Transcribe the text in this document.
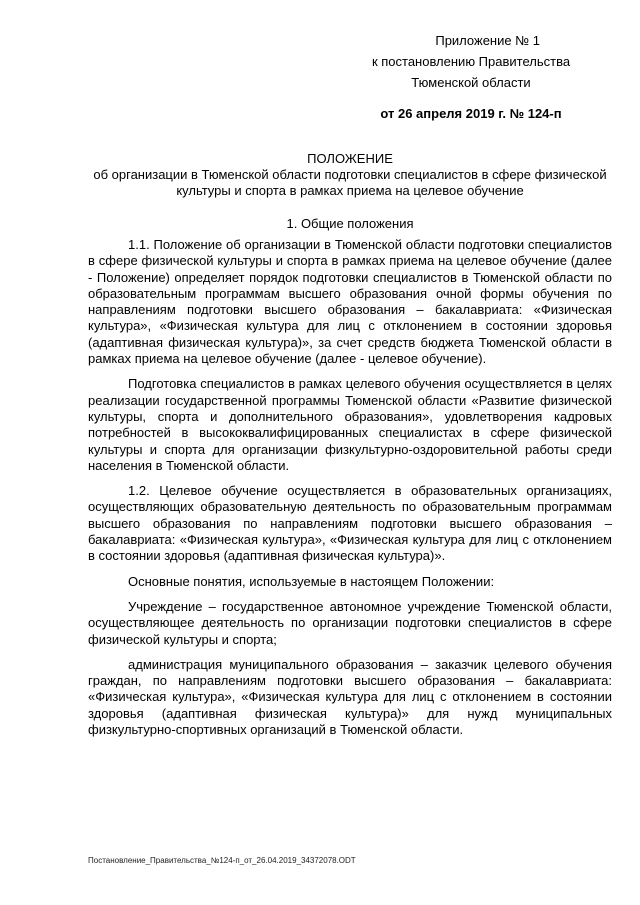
Приложение № 1
к постановлению Правительства
Тюменской области
от 26 апреля 2019 г. № 124-п
ПОЛОЖЕНИЕ
об организации в Тюменской области подготовки специалистов в сфере физической культуры и спорта в рамках приема на целевое обучение
1. Общие положения

1.1. Положение об организации в Тюменской области подготовки специалистов в сфере физической культуры и спорта в рамках приема на целевое обучение (далее - Положение) определяет порядок подготовки специалистов в Тюменской области по образовательным программам высшего образования очной формы обучения по направлениям подготовки высшего образования – бакалавриата: «Физическая культура», «Физическая культура для лиц с отклонением в состоянии здоровья (адаптивная физическая культура)», за счет средств бюджета Тюменской области в рамках приема на целевое обучение (далее - целевое обучение).

Подготовка специалистов в рамках целевого обучения осуществляется в целях реализации государственной программы Тюменской области «Развитие физической культуры, спорта и дополнительного образования», удовлетворения кадровых потребностей в высококвалифицированных специалистах в сфере физической культуры и спорта для организации физкультурно-оздоровительной работы среди населения в Тюменской области.

1.2. Целевое обучение осуществляется в образовательных организациях, осуществляющих образовательную деятельность по образовательным программам высшего образования по направлениям подготовки высшего образования – бакалавриата: «Физическая культура», «Физическая культура для лиц с отклонением в состоянии здоровья (адаптивная физическая культура)».

Основные понятия, используемые в настоящем Положении:

Учреждение – государственное автономное учреждение Тюменской области, осуществляющее деятельность по организации подготовки специалистов в сфере физической культуры и спорта;

администрация муниципального образования – заказчик целевого обучения граждан, по направлениям подготовки высшего образования – бакалавриата: «Физическая культура», «Физическая культура для лиц с отклонением в состоянии здоровья (адаптивная физическая культура)» для нужд муниципальных физкультурно-спортивных организаций в Тюменской области.

Постановление_Правительства_№124-п_от_26.04.2019_34372078.ODT
